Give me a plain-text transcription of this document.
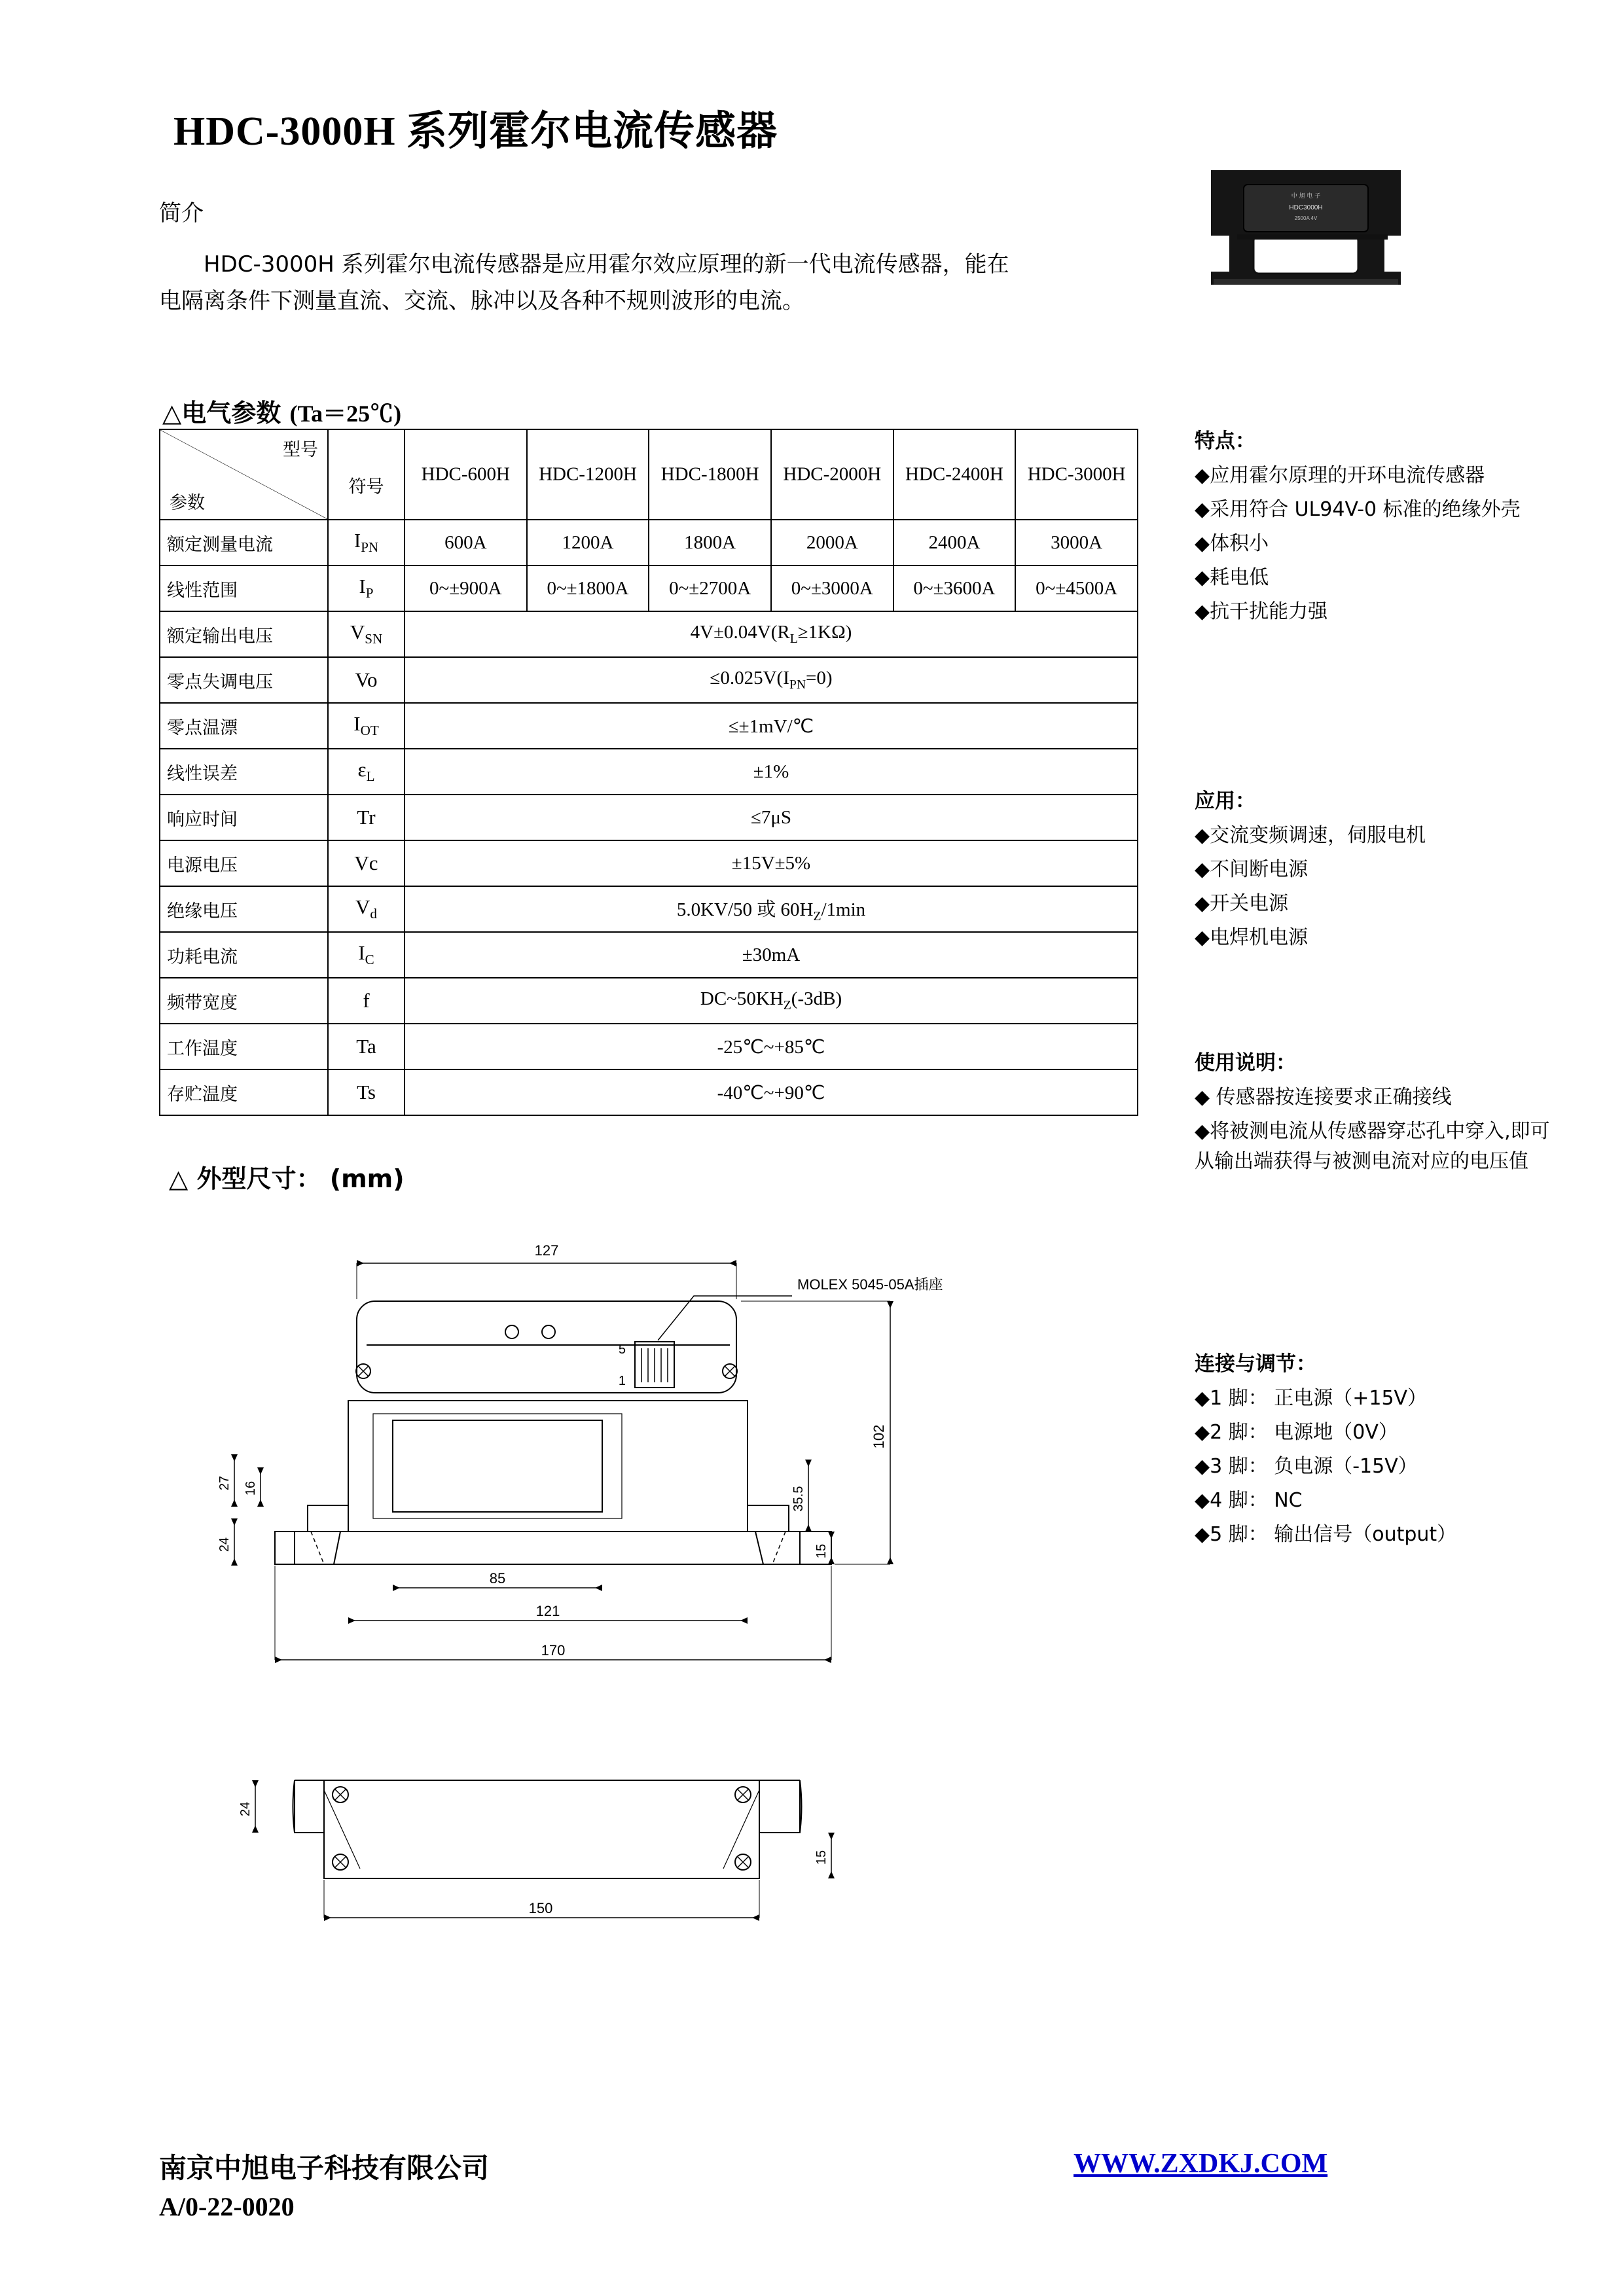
HDC-3000H 系列霍尔电流传感器
简介
HDC-3000H 系列霍尔电流传感器是应用霍尔效应原理的新一代电流传感器，能在电隔离条件下测量直流、交流、脉冲以及各种不规则波形的电流。
中 旭 电 子
HDC3000H
2500A 4V
△电气参数 (Ta＝25℃)
型号
参数	符号	HDC-600H	HDC-1200H	HDC-1800H	HDC-2000H	HDC-2400H	HDC-3000H

额定测量电流	$I_{PN}$	600A	1200A	1800A	2000A	2400A	3000A
线性范围	$I_P$	0~±900A	0~±1800A	0~±2700A	0~±3000A	0~±3600A	0~±4500A
额定输出电压	$V_{SN}$	$4V\pm 0.04V(R_L\ge 1K\Omega)$					
零点失调电压	Vo	$\le 0.025V(I_{PN}=0)$					
零点温漂	$I_{OT}$	≤±1mV/℃					
线性误差	$\varepsilon_L$	±1%					
响应时间	Tr	≤7μS					
电源电压	Vc	±15V±5%					
绝缘电压	$V_d$	5.0KV/50 或 $60H_Z/1\min$					
功耗电流	$I_C$	±30mA					
频带宽度	f	$DC\sim 50KH_Z(-3dB)$					
工作温度	Ta	-25℃~+85℃					
存贮温度	Ts	-40℃~+90℃					
特点：
◆应用霍尔原理的开环电流传感器
◆采用符合 UL94V-0 标准的绝缘外壳
◆体积小
◆耗电低
◆抗干扰能力强
应用：
◆交流变频调速，伺服电机
◆不间断电源
◆开关电源
◆电焊机电源
使用说明：
◆ 传感器按连接要求正确接线
◆将被测电流从传感器穿芯孔中穿入,即可从输出端获得与被测电流对应的电压值
连接与调节：
◆1 脚： 正电源（+15V）
◆2 脚： 电源地（0V）
◆3 脚： 负电源（-15V）
◆4 脚： NC
◆5 脚： 输出信号（output）
△ 外型尺寸： (mm)
5
1
MOLEX 5045-05A插座
127
102
35.5
15
27 16
24
85
121
170
24
15
150
南京中旭电子科技有限公司
A/0-22-0020
WWW.ZXDKJ.COM
